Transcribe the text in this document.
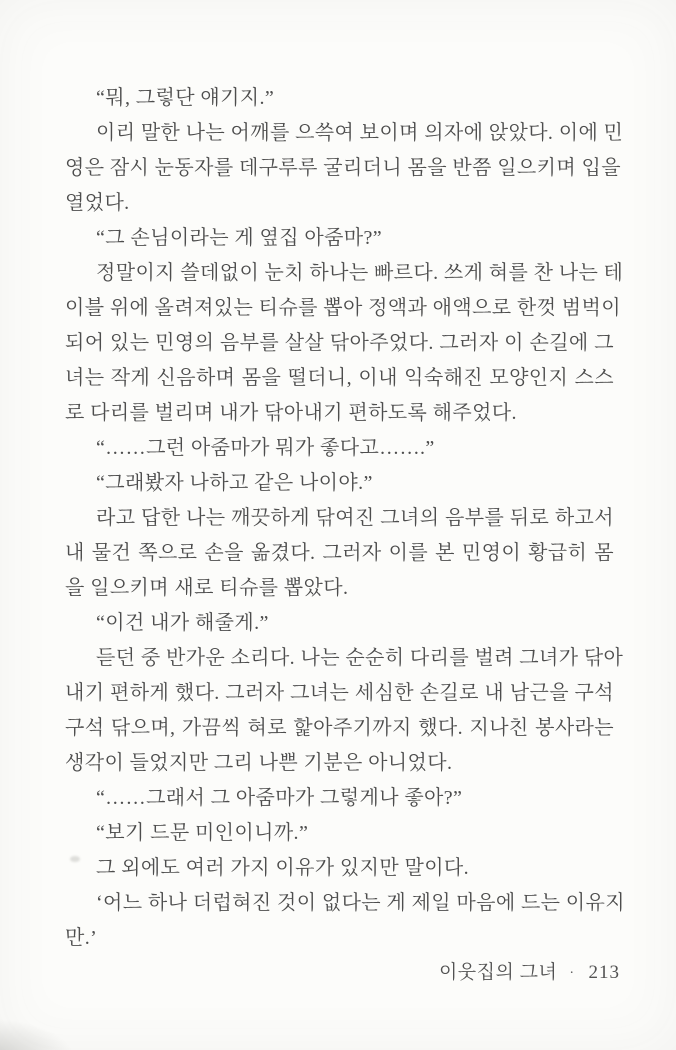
“뭐, 그렇단 얘기지.”
이리 말한 나는 어깨를 으쓱여 보이며 의자에 앉았다. 이에 민
영은 잠시 눈동자를 데구루루 굴리더니 몸을 반쯤 일으키며 입을
열었다.
“그 손님이라는 게 옆집 아줌마?”
정말이지 쓸데없이 눈치 하나는 빠르다. 쓰게 혀를 찬 나는 테
이블 위에 올려져있는 티슈를 뽑아 정액과 애액으로 한껏 범벅이
되어 있는 민영의 음부를 살살 닦아주었다. 그러자 이 손길에 그
녀는 작게 신음하며 몸을 떨더니, 이내 익숙해진 모양인지 스스
로 다리를 벌리며 내가 닦아내기 편하도록 해주었다.
“……그런 아줌마가 뭐가 좋다고…….”
“그래봤자 나하고 같은 나이야.”
라고 답한 나는 깨끗하게 닦여진 그녀의 음부를 뒤로 하고서
내 물건 쪽으로 손을 옮겼다. 그러자 이를 본 민영이 황급히 몸
을 일으키며 새로 티슈를 뽑았다.
“이건 내가 해줄게.”
듣던 중 반가운 소리다. 나는 순순히 다리를 벌려 그녀가 닦아
내기 편하게 했다. 그러자 그녀는 세심한 손길로 내 남근을 구석
구석 닦으며, 가끔씩 혀로 핥아주기까지 했다. 지나친 봉사라는
생각이 들었지만 그리 나쁜 기분은 아니었다.
“……그래서 그 아줌마가 그렇게나 좋아?”
“보기 드문 미인이니까.”
그 외에도 여러 가지 이유가 있지만 말이다.
‘어느 하나 더럽혀진 것이 없다는 게 제일 마음에 드는 이유지
만.’
이웃집의 그녀 · 213
